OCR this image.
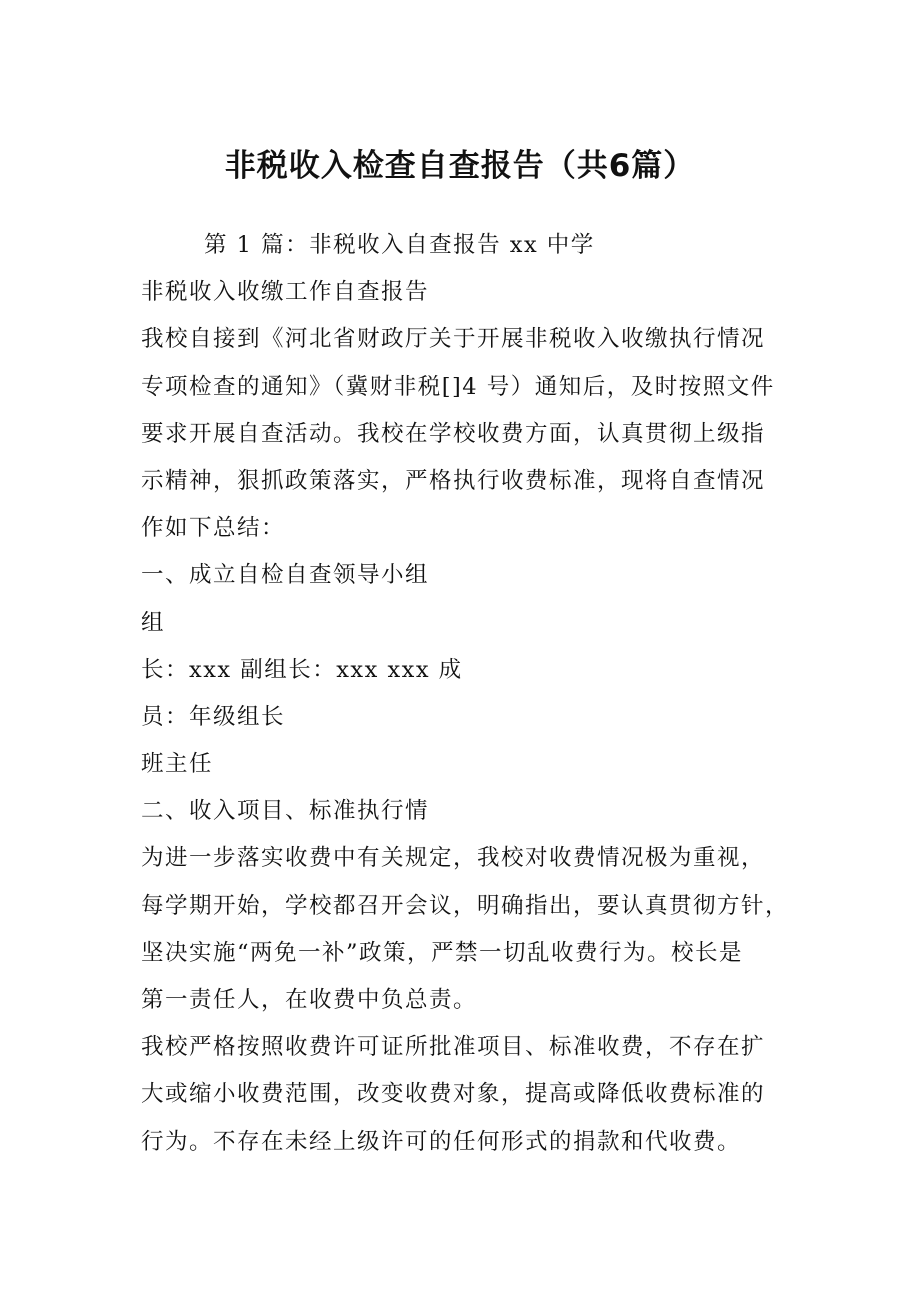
非税收入检查自查报告（共6篇）
第 1 篇：非税收入自查报告 xx 中学
非税收入收缴工作自查报告
我校自接到《河北省财政厅关于开展非税收入收缴执行情况
专项检查的通知》（冀财非税[]4 号）通知后，及时按照文件
要求开展自查活动。我校在学校收费方面，认真贯彻上级指
示精神，狠抓政策落实，严格执行收费标准，现将自查情况
作如下总结：
一、成立自检自查领导小组
组
长：xxx 副组长：xxx xxx 成
员：年级组长
班主任
二、收入项目、标准执行情
为进一步落实收费中有关规定，我校对收费情况极为重视，
每学期开始，学校都召开会议，明确指出，要认真贯彻方针，
坚决实施“两免一补”政策，严禁一切乱收费行为。校长是
第一责任人，在收费中负总责。
我校严格按照收费许可证所批准项目、标准收费，不存在扩
大或缩小收费范围，改变收费对象，提高或降低收费标准的
行为。不存在未经上级许可的任何形式的捐款和代收费。
